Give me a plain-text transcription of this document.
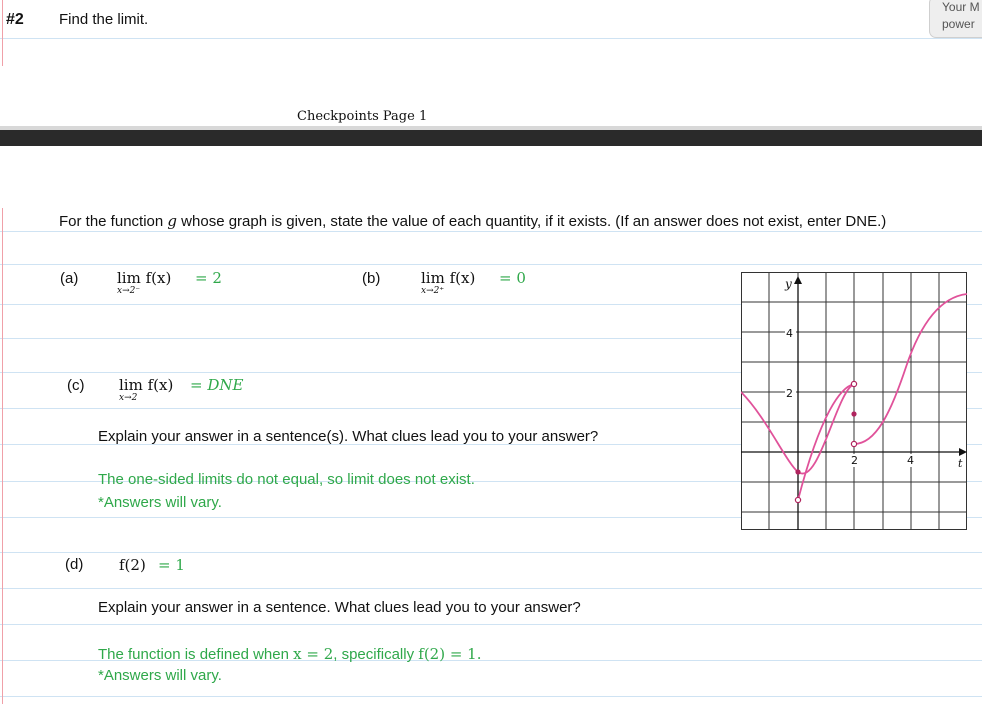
#2 Find the limit.
Your M
power
Checkpoints Page 1
For the function g whose graph is given, state the value of each quantity, if it exists. (If an answer does not exist, enter DNE.)
(a)	lim f(x)
x→2⁻
= 2	(b)	lim f(x)
x→2⁺
= 0
(c) lim f(x)
x→2
= DNE
Explain your answer in a sentence(s). What clues lead you to your answer?
The one-sided limits do not equal, so limit does not exist.
*Answers will vary.
(d) f(2) = 1
Explain your answer in a sentence. What clues lead you to your answer?
The function is defined when x = 2, specifically f(2) = 1.
*Answers will vary.
y
4
2
2	4	t
